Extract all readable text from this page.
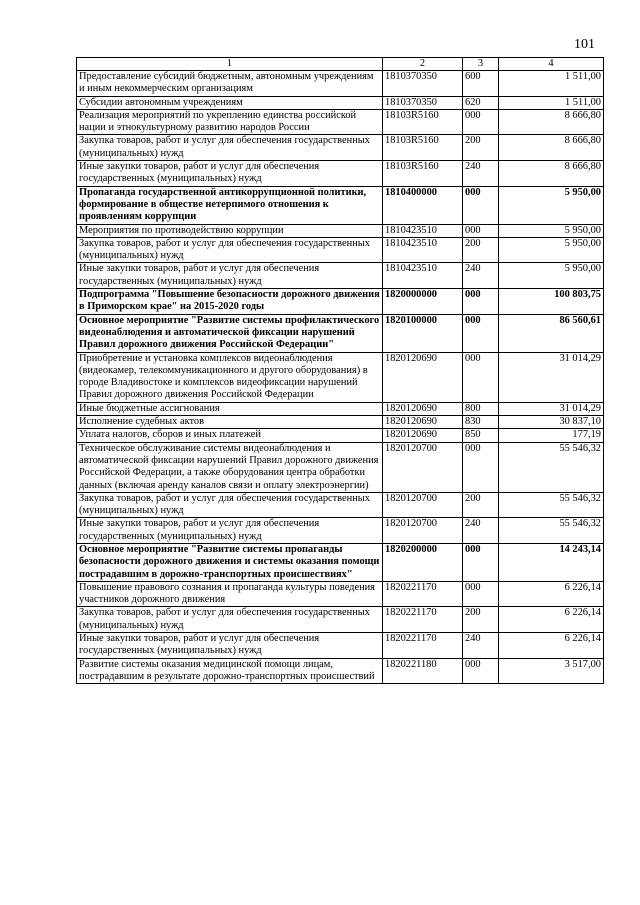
101
1	2	3	4
Предоставление субсидий бюджетным, автономным учреждениям и иным некоммерческим организациям	1810370350	600	1 511,00
Субсидии автономным учреждениям	1810370350	620	1 511,00
Реализация мероприятий по укреплению единства российской нации и этнокультурному развитию народов России	18103R5160	000	8 666,80
Закупка товаров, работ и услуг для обеспечения государственных (муниципальных) нужд	18103R5160	200	8 666,80
Иные закупки товаров, работ и услуг для обеспечения государственных (муниципальных) нужд	18103R5160	240	8 666,80
Пропаганда государственной антикоррупционной политики, формирование в обществе нетерпимого отношения к проявлениям коррупции	1810400000	000	5 950,00
Мероприятия по противодействию коррупции	1810423510	000	5 950,00
Закупка товаров, работ и услуг для обеспечения государственных (муниципальных) нужд	1810423510	200	5 950,00
Иные закупки товаров, работ и услуг для обеспечения государственных (муниципальных) нужд	1810423510	240	5 950,00
Подпрограмма "Повышение безопасности дорожного движения в Приморском крае" на 2015-2020 годы	1820000000	000	100 803,75
Основное мероприятие "Развитие системы профилактического видеонаблюдения и автоматической фиксации нарушений Правил дорожного движения Российской Федерации"	1820100000	000	86 560,61
Приобретение и установка комплексов видеонаблюдения (видеокамер, телекоммуникационного и другого оборудования) в городе Владивостоке и комплексов видеофиксации нарушений Правил дорожного движения Российской Федерации	1820120690	000	31 014,29
Иные бюджетные ассигнования	1820120690	800	31 014,29
Исполнение судебных актов	1820120690	830	30 837,10
Уплата налогов, сборов и иных платежей	1820120690	850	177,19
Техническое обслуживание системы видеонаблюдения и автоматической фиксации нарушений Правил дорожного движения Российской Федерации, а также оборудования центра обработки данных (включая аренду каналов связи и оплату электроэнергии)	1820120700	000	55 546,32
Закупка товаров, работ и услуг для обеспечения государственных (муниципальных) нужд	1820120700	200	55 546,32
Иные закупки товаров, работ и услуг для обеспечения государственных (муниципальных) нужд	1820120700	240	55 546,32
Основное мероприятие "Развитие системы пропаганды безопасности дорожного движения и системы оказания помощи пострадавшим в дорожно-транспортных происшествиях"	1820200000	000	14 243,14
Повышение правового сознания и пропаганда культуры поведения участников дорожного движения	1820221170	000	6 226,14
Закупка товаров, работ и услуг для обеспечения государственных (муниципальных) нужд	1820221170	200	6 226,14
Иные закупки товаров, работ и услуг для обеспечения государственных (муниципальных) нужд	1820221170	240	6 226,14
Развитие системы оказания медицинской помощи лицам, пострадавшим в результате дорожно-транспортных происшествий	1820221180	000	3 517,00
